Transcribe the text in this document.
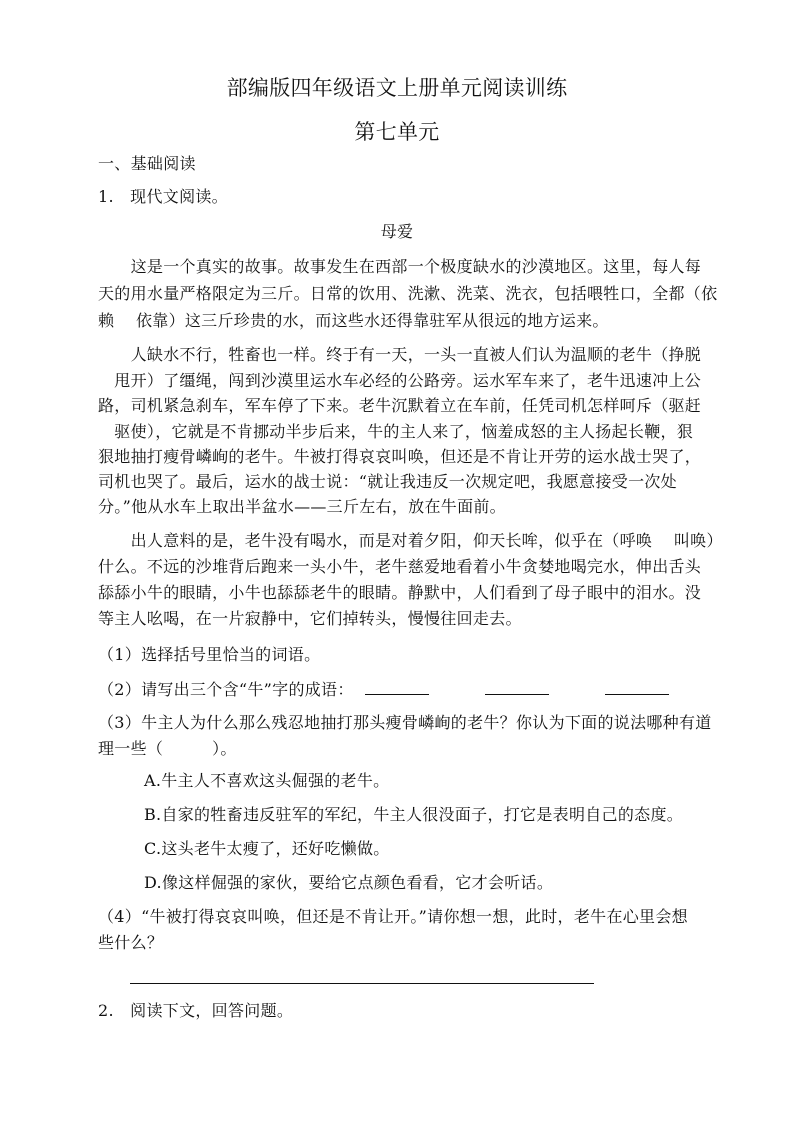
部编版四年级语文上册单元阅读训练
第七单元
一、基础阅读
1.　现代文阅读。
母爱
　　这是一个真实的故事。故事发生在西部一个极度缺水的沙漠地区。这里，每人每
天的用水量严格限定为三斤。日常的饮用、洗漱、洗菜、洗衣，包括喂牲口，全都（依
赖　 依靠）这三斤珍贵的水，而这些水还得靠驻军从很远的地方运来。
　　人缺水不行，牲畜也一样。终于有一天，一头一直被人们认为温顺的老牛（挣脱
　甩开）了缰绳，闯到沙漠里运水车必经的公路旁。运水军车来了，老牛迅速冲上公
路，司机紧急刹车，军车停了下来。老牛沉默着立在车前，任凭司机怎样呵斥（驱赶
　驱使），它就是不肯挪动半步后来，牛的主人来了，恼羞成怒的主人扬起长鞭，狠
狠地抽打瘦骨嶙峋的老牛。牛被打得哀哀叫唤，但还是不肯让开劳的运水战士哭了，
司机也哭了。最后，运水的战士说：“就让我违反一次规定吧，我愿意接受一次处
分。”他从水车上取出半盆水——三斤左右，放在牛面前。
　　出人意料的是，老牛没有喝水，而是对着夕阳，仰天长哞，似乎在（呼唤　 叫唤）
什么。不远的沙堆背后跑来一头小牛，老牛慈爱地看着小牛贪婪地喝完水，伸出舌头
舔舔小牛的眼睛，小牛也舔舔老牛的眼睛。静默中，人们看到了母子眼中的泪水。没
等主人吆喝，在一片寂静中，它们掉转头，慢慢往回走去。
（1）选择括号里恰当的词语。
（2）请写出三个含“牛”字的成语：
（3）牛主人为什么那么残忍地抽打那头瘦骨嶙峋的老牛？你认为下面的说法哪种有道
理一些（　　　）。
A.牛主人不喜欢这头倔强的老牛。
B.自家的牲畜违反驻军的军纪，牛主人很没面子，打它是表明自己的态度。
C.这头老牛太瘦了，还好吃懒做。
D.像这样倔强的家伙，要给它点颜色看看，它才会听话。
（4）“牛被打得哀哀叫唤，但还是不肯让开。”请你想一想，此时，老牛在心里会想
些什么？
2.　阅读下文，回答问题。
